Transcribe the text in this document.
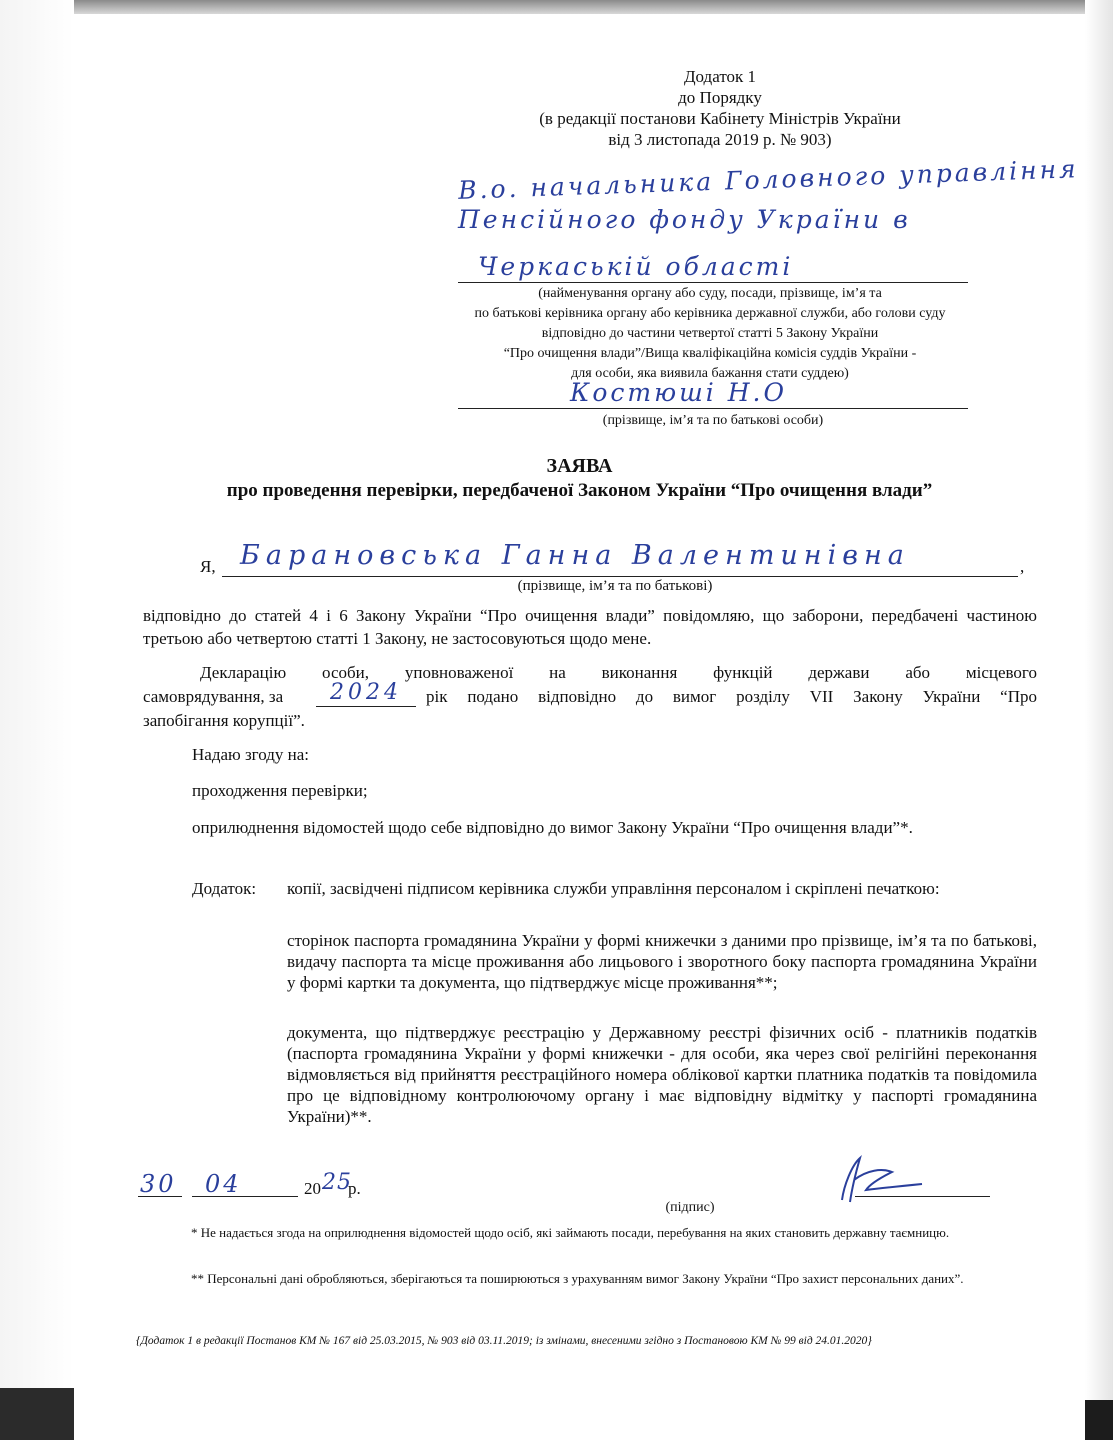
Додаток 1
до Порядку
(в редакції постанови Кабінету Міністрів України
від 3 листопада 2019 р. № 903)
В.о. начальника Головного управління
Пенсійного фонду України в
Черкаській області
(найменування органу або суду, посади, прізвище, ім’я та
по батькові керівника органу або керівника державної служби, або голови суду
відповідно до частини четвертої статті 5 Закону України
“Про очищення влади”/Вища кваліфікаційна комісія суддів України -
для особи, яка виявила бажання стати суддею)
Костюші Н.О
(прізвище, ім’я та по батькові особи)
ЗАЯВА
про проведення перевірки, передбаченої Законом України “Про очищення влади”
Я, Барановська Ганна Валентинівна	,
(прізвище, ім’я та по батькові)
відповідно до статей 4 і 6 Закону України “Про очищення влади” повідомляю, що заборони, передбачені частиною третьою або четвертою статті 1 Закону, не застосовуються щодо мене.
Декларацію особи, уповноваженої на виконання функцій держави або місцевого
самоврядування, за 2024 рік подано відповідно до вимог розділу VII Закону України “Про
запобігання корупції”.
Надаю згоду на:
проходження перевірки;
оприлюднення відомостей щодо себе відповідно до вимог Закону України “Про очищення влади”*.
Додаток: копії, засвідчені підписом керівника служби управління персоналом і скріплені печаткою:
сторінок паспорта громадянина України у формі книжечки з даними про прізвище, ім’я та по батькові, видачу паспорта та місце проживання або лицьового і зворотного боку паспорта громадянина України у формі картки та документа, що підтверджує місце проживання**;
документа, що підтверджує реєстрацію у Державному реєстрі фізичних осіб - платників податків (паспорта громадянина України у формі книжечки - для особи, яка через свої релігійні переконання відмовляється від прийняття реєстраційного номера облікової картки платника податків та повідомила про це відповідному контролюючому органу і має відповідну відмітку у паспорті громадянина України)**.
30 04	20 25
р.
(підпис)
* Не надається згода на оприлюднення відомостей щодо осіб, які займають посади, перебування на яких становить державну таємницю.
** Персональні дані обробляються, зберігаються та поширюються з урахуванням вимог Закону України “Про захист персональних даних”.
{Додаток 1 в редакції Постанов КМ № 167 від 25.03.2015, № 903 від 03.11.2019; із змінами, внесеними згідно з Постановою КМ № 99 від 24.01.2020}
